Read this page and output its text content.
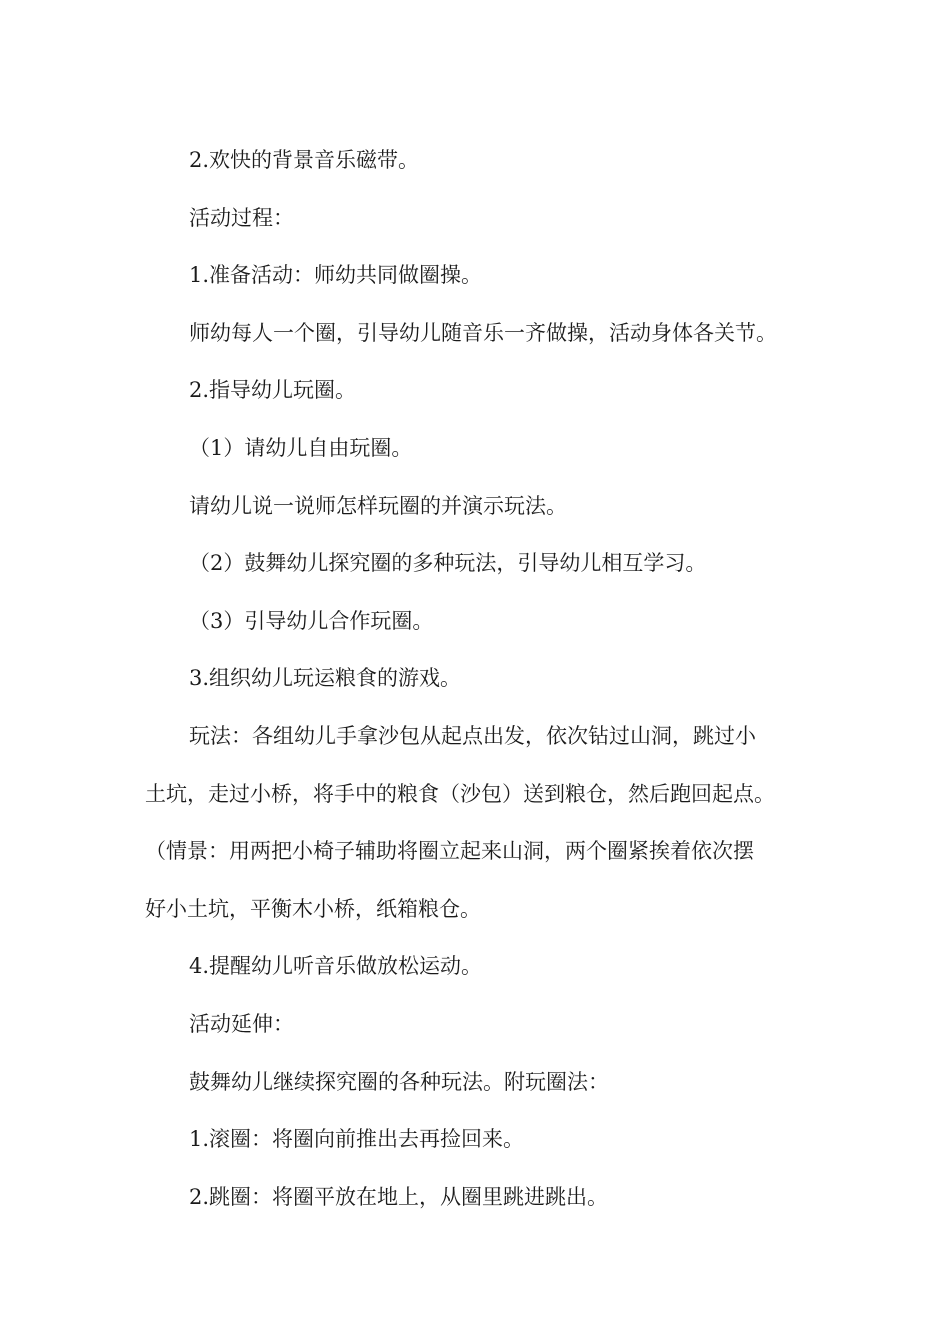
2.欢快的背景音乐磁带。

活动过程：

1.准备活动：师幼共同做圈操。

师幼每人一个圈，引导幼儿随音乐一齐做操，活动身体各关节。

2.指导幼儿玩圈。

（1）请幼儿自由玩圈。

请幼儿说一说师怎样玩圈的并演示玩法。

（2）鼓舞幼儿探究圈的多种玩法，引导幼儿相互学习。

（3）引导幼儿合作玩圈。

3.组织幼儿玩运粮食的游戏。

玩法：各组幼儿手拿沙包从起点出发，依次钻过山洞，跳过小
土坑，走过小桥，将手中的粮食（沙包）送到粮仓，然后跑回起点。
（情景：用两把小椅子辅助将圈立起来山洞，两个圈紧挨着依次摆
好小土坑，平衡木小桥，纸箱粮仓。

4.提醒幼儿听音乐做放松运动。

活动延伸：

鼓舞幼儿继续探究圈的各种玩法。附玩圈法：

1.滚圈：将圈向前推出去再捡回来。

2.跳圈：将圈平放在地上，从圈里跳进跳出。
